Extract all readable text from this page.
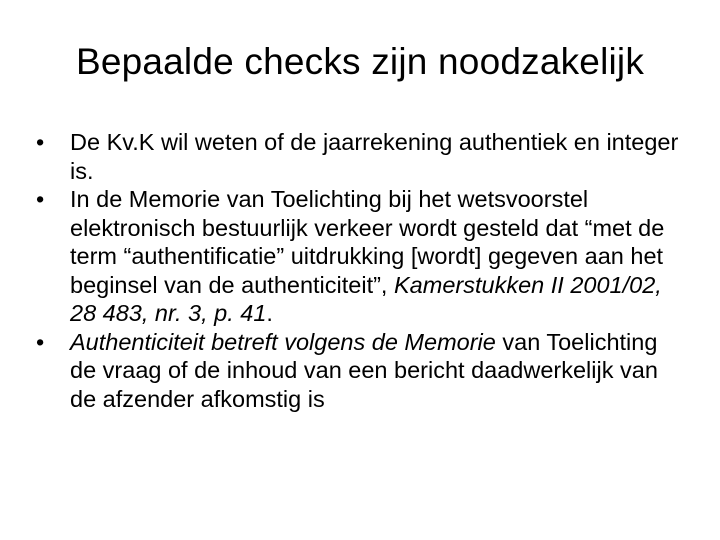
Bepaalde checks zijn noodzakelijk
•	De Kv.K wil weten of de jaarrekening authentiek en integer is.
•	In de Memorie van Toelichting bij het wetsvoorstel elektronisch bestuurlijk verkeer wordt gesteld dat “met de term “authentificatie” uitdrukking [wordt] gegeven aan het beginsel van de authenticiteit”, Kamerstukken II 2001/02, 28 483, nr. 3, p. 41.
•	Authenticiteit betreft volgens de Memorie van Toelichting de vraag of de inhoud van een bericht daadwerkelijk van de afzender afkomstig is
